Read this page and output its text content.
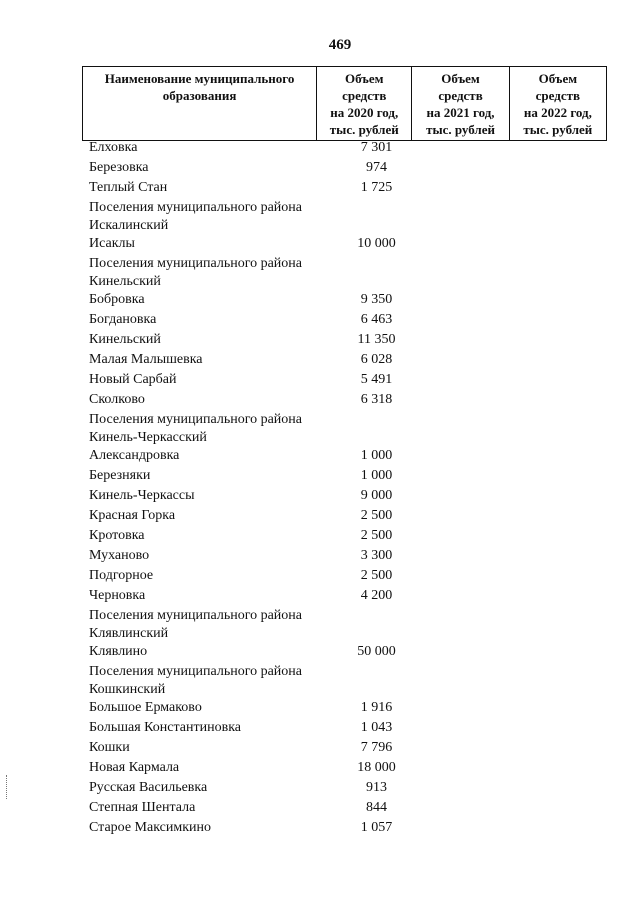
469
Наименование муниципального
образования	Объем
средств
на 2020 год,
тыс. рублей	Объем
средств
на 2021 год,
тыс. рублей	Объем
средств
на 2022 год,
тыс. рублей
Елховка	7 301
Березовка	974
Теплый Стан	1 725
Поселения муниципального района Искалинский
Исаклы	10 000
Поселения муниципального района Кинельский
Бобровка	9 350
Богдановка	6 463
Кинельский	11 350
Малая Малышевка	6 028
Новый Сарбай	5 491
Сколково	6 318
Поселения муниципального района Кинель-Черкасский
Александровка	1 000
Березняки	1 000
Кинель-Черкассы	9 000
Красная Горка	2 500
Кротовка	2 500
Муханово	3 300
Подгорное	2 500
Черновка	4 200
Поселения муниципального района Клявлинский
Клявлино	50 000
Поселения муниципального района Кошкинский
Большое Ермаково	1 916
Большая Константиновка	1 043
Кошки	7 796
Новая Кармала	18 000
Русская Васильевка	913
Степная Шентала	844
Старое Максимкино	1 057
